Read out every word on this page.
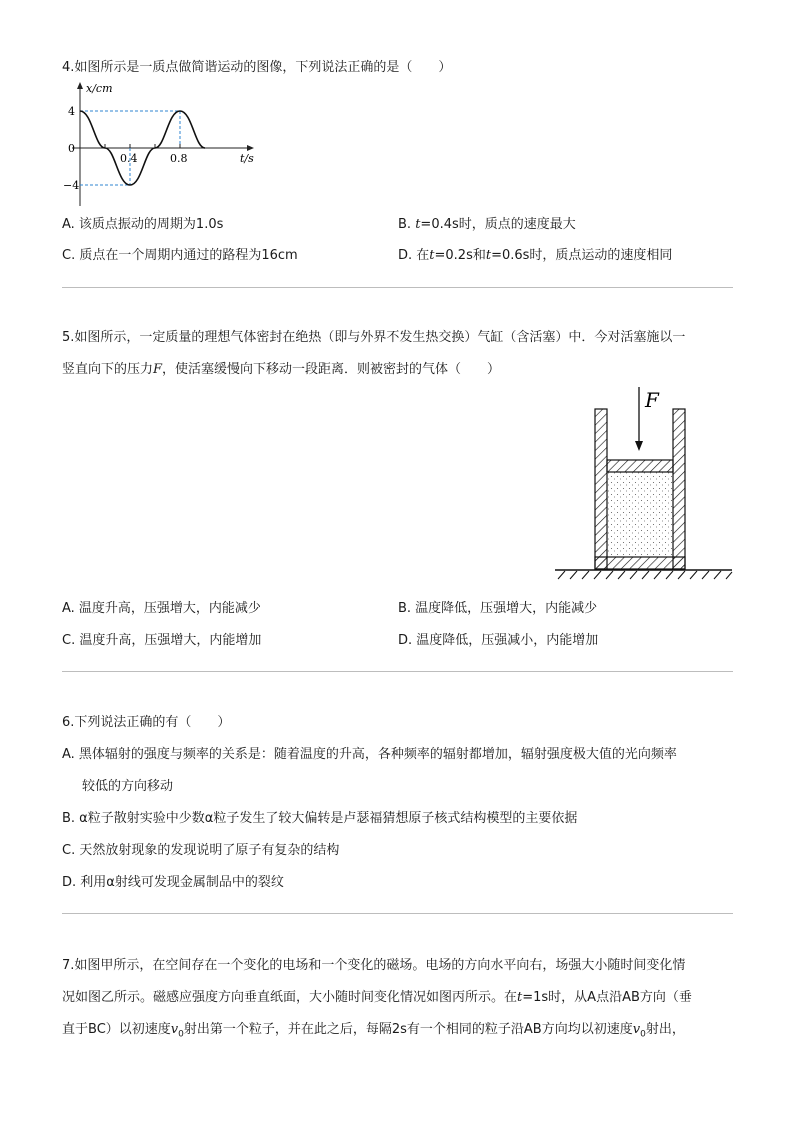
4.如图所示是一质点做简谐运动的图像，下列说法正确的是（　　）
x/cm
4
0
−4
0.4	0.8	t/s
A. 该质点振动的周期为1.0s	B. t=0.4s时，质点的速度最大
C. 质点在一个周期内通过的路程为16cm	D. 在t=0.2s和t=0.6s时，质点运动的速度相同
5.如图所示，一定质量的理想气体密封在绝热（即与外界不发生热交换）气缸（含活塞）中．今对活塞施以一
竖直向下的压力F，使活塞缓慢向下移动一段距离．则被密封的气体（　　）
F
A. 温度升高，压强增大，内能减少	B. 温度降低，压强增大，内能减少
C. 温度升高，压强增大，内能增加	D. 温度降低，压强减小，内能增加
6.下列说法正确的有（　　）
A. 黑体辐射的强度与频率的关系是：随着温度的升高，各种频率的辐射都增加，辐射强度极大值的光向频率
较低的方向移动
B. α粒子散射实验中少数α粒子发生了较大偏转是卢瑟福猜想原子核式结构模型的主要依据
C. 天然放射现象的发现说明了原子有复杂的结构
D. 利用α射线可发现金属制品中的裂纹
7.如图甲所示，在空间存在一个变化的电场和一个变化的磁场。电场的方向水平向右，场强大小随时间变化情
况如图乙所示。磁感应强度方向垂直纸面，大小随时间变化情况如图丙所示。在t=1s时，从A点沿AB方向（垂
直于BC）以初速度$v_0$射出第一个粒子，并在此之后，每隔2s有一个相同的粒子沿AB方向均以初速度$v_0$射出，
